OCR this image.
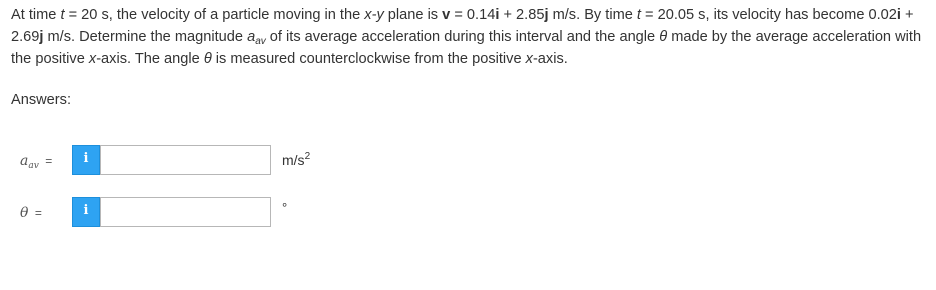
At time t = 20 s, the velocity of a particle moving in the x-y plane is v = 0.14i + 2.85j m/s. By time t = 20.05 s, its velocity has become 0.02i + 2.69j m/s. Determine the magnitude $a_{av}$ of its average acceleration during this interval and the angle θ made by the average acceleration with the positive x-axis. The angle θ is measured counterclockwise from the positive x-axis.
Answers:
$a_{av}$ =	i	$m/s^2$
θ =	i	°
